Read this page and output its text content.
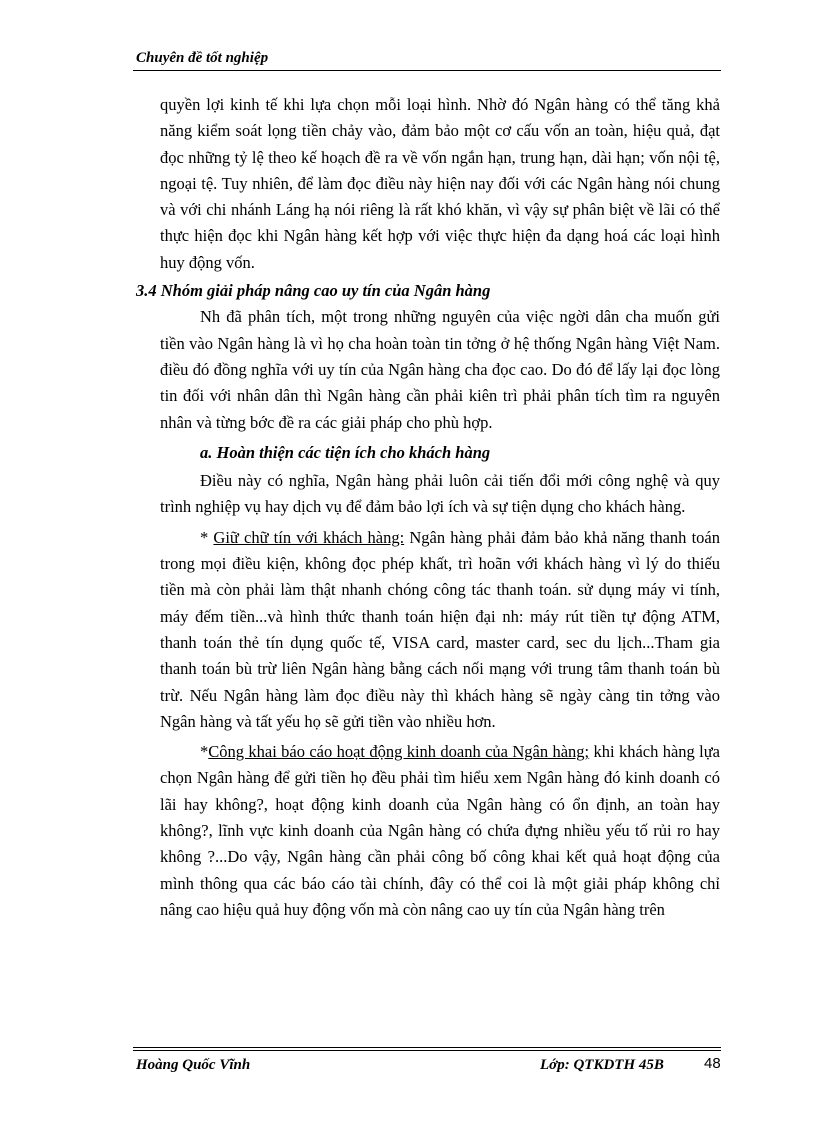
Chuyên đề tốt nghiệp

quyền lợi kinh tế khi lựa chọn mỗi loại hình. Nhờ đó Ngân hàng có thể tăng khả năng kiểm soát lọng tiền chảy vào, đảm bảo một cơ cấu vốn an toàn, hiệu quả, đạt đọc những tỷ lệ theo kế hoạch đề ra về vốn ngắn hạn, trung hạn, dài hạn; vốn nội tệ, ngoại tệ. Tuy nhiên, để làm đọc điều này hiện nay đối với các Ngân hàng nói chung và với chi nhánh Láng hạ nói riêng là rất khó khăn, vì vậy sự phân biệt về lãi có thể thực hiện đọc khi Ngân hàng kết hợp với việc thực hiện đa dạng hoá các loại hình huy động vốn.

3.4 Nhóm giải pháp nâng cao uy tín của Ngân hàng

Nh đã phân tích, một trong những nguyên của việc ngời dân cha muốn gửi tiền vào Ngân hàng là vì họ cha hoàn toàn tin tởng ở hệ thống Ngân hàng Việt Nam. điều đó đồng nghĩa với uy tín của Ngân hàng cha đọc cao. Do đó để lấy lại đọc lòng tin đối với nhân dân thì Ngân hàng cần phải kiên trì phải phân tích tìm ra nguyên nhân và từng bớc đề ra các giải pháp cho phù hợp.

a. Hoàn thiện các tiện ích cho khách hàng

Điều này có nghĩa, Ngân hàng phải luôn cải tiến đổi mới công nghệ và quy trình nghiệp vụ hay dịch vụ để đảm bảo lợi ích và sự tiện dụng cho khách hàng.

* Giữ chữ tín với khách hàng: Ngân hàng phải đảm bảo khả năng thanh toán trong mọi điều kiện, không đọc phép khất, trì hoãn với khách hàng vì lý do thiếu tiền mà còn phải làm thật nhanh chóng công tác thanh toán. sử dụng máy vi tính, máy đếm tiền...và hình thức thanh toán hiện đại nh: máy rút tiền tự động ATM, thanh toán thẻ tín dụng quốc tế, VISA card, master card, sec du lịch...Tham gia thanh toán bù trừ liên Ngân hàng bằng cách nối mạng với trung tâm thanh toán bù trừ. Nếu Ngân hàng làm đọc điều này thì khách hàng sẽ ngày càng tin tởng vào Ngân hàng và tất yếu họ sẽ gửi tiền vào nhiều hơn.

*Công khai báo cáo hoạt động kinh doanh của Ngân hàng; khi khách hàng lựa chọn Ngân hàng để gửi tiền họ đều phải tìm hiểu xem Ngân hàng đó kinh doanh có lãi hay không?, hoạt động kinh doanh của Ngân hàng có ổn định, an toàn hay không?, lĩnh vực kinh doanh của Ngân hàng có chứa đựng nhiều yếu tố rủi ro hay không ?...Do vậy, Ngân hàng cần phải công bố công khai kết quả hoạt động của mình thông qua các báo cáo tài chính, đây có thể coi là một giải pháp không chỉ nâng cao hiệu quả huy động vốn mà còn nâng cao uy tín của Ngân hàng trên

Hoàng Quốc Vĩnh	Lớp: QTKDTH 45B	48
